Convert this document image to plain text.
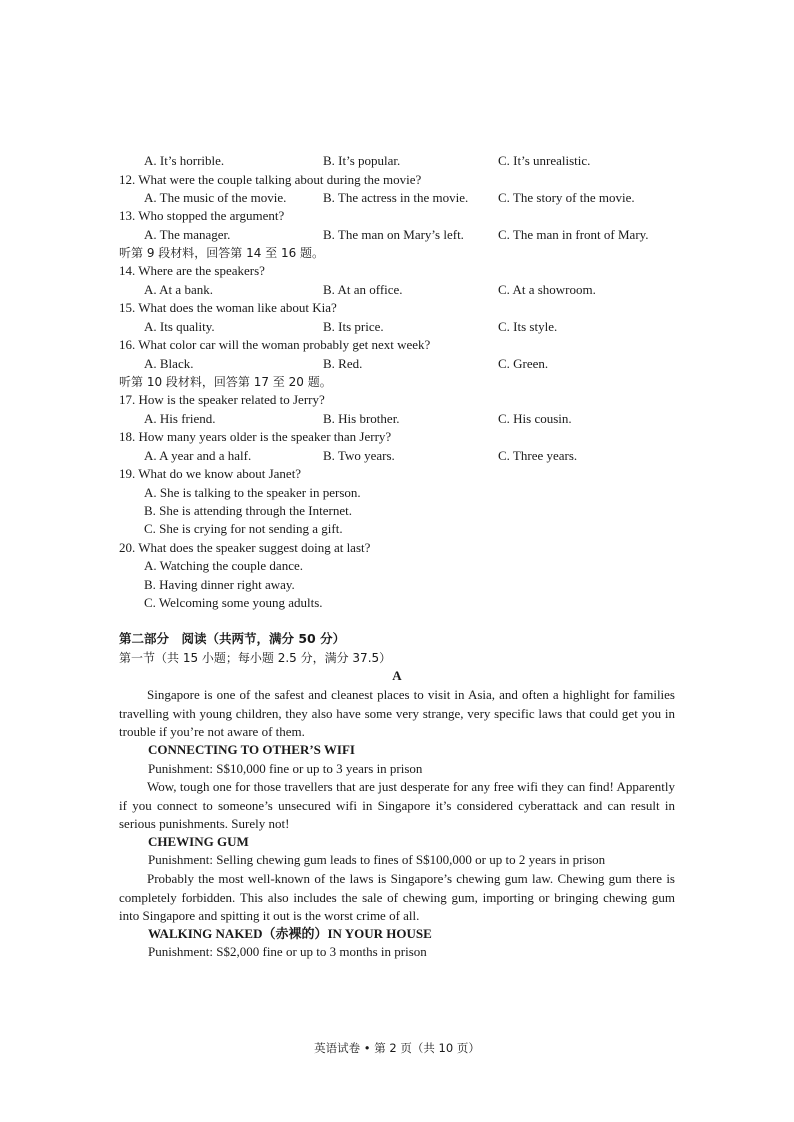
A. It’s horrible.	B. It’s popular.	C. It’s unrealistic.
12. What were the couple talking about during the movie?
A. The music of the movie.	B. The actress in the movie. C. The story of the movie.
13. Who stopped the argument?
A. The manager.	B. The man on Mary’s left.	C. The man in front of Mary.
听第 9 段材料，回答第 14 至 16 题。
14. Where are the speakers?
A. At a bank.	B. At an office.	C. At a showroom.
15. What does the woman like about Kia?
A. Its quality.	B. Its price.	C. Its style.
16. What color car will the woman probably get next week?
A. Black.	B. Red.	C. Green.
听第 10 段材料，回答第 17 至 20 题。
17. How is the speaker related to Jerry?
A. His friend.	B. His brother.	C. His cousin.
18. How many years older is the speaker than Jerry?
A. A year and a half.	B. Two years.	C. Three years.
19. What do we know about Janet?
A. She is talking to the speaker in person.
B. She is attending through the Internet.
C. She is crying for not sending a gift.
20. What does the speaker suggest doing at last?
A. Watching the couple dance.
B. Having dinner right away.
C. Welcoming some young adults.
第二部分　阅读（共两节，满分 50 分）
第一节（共 15 小题；每小题 2.5 分，满分 37.5）
A

Singapore is one of the safest and cleanest places to visit in Asia, and often a highlight for families travelling with young children, they also have some very strange, very specific laws that could get you in trouble if you’re not aware of them.

CONNECTING TO OTHER’S WIFI
Punishment: S$10,000 fine or up to 3 years in prison

Wow, tough one for those travellers that are just desperate for any free wifi they can find! Apparently if you connect to someone’s unsecured wifi in Singapore it’s considered cyberattack and can result in serious punishments. Surely not!

CHEWING GUM
Punishment: Selling chewing gum leads to fines of S$100,000 or up to 2 years in prison

Probably the most well-known of the laws is Singapore’s chewing gum law. Chewing gum there is completely forbidden. This also includes the sale of chewing gum, importing or bringing chewing gum into Singapore and spitting it out is the worst crime of all.

WALKING NAKED（赤裸的）IN YOUR HOUSE
Punishment: S$2,000 fine or up to 3 months in prison
英语试卷 • 第 2 页（共 10 页）
